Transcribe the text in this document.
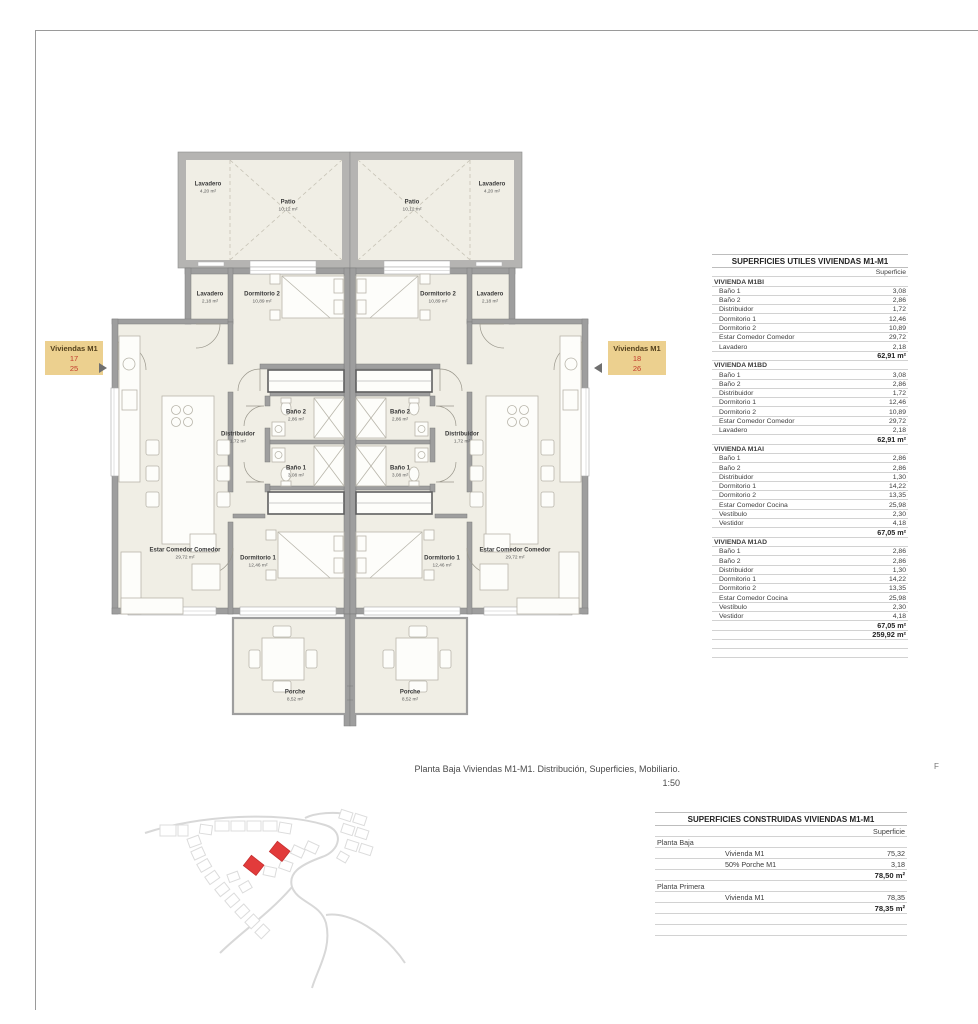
Lavadero
4,20 m²
Patio
10,12 m²
Lavadero
2,18 m²
Dormitorio 2
10,89 m²
Baño 2
2,86 m²
Baño 1
3,08 m²
Distribuidor
1,72 m²
Estar Comedor Comedor
29,72 m²	Dormitorio 1
12,46 m²
Porche
8,52 m²
Lavadero
4,20 m²
Patio
10,12 m²
Lavadero
2,18 m²
Dormitorio 2
10,89 m²
Baño 2
2,86 m²
Baño 1
3,08 m²
Distribuidor
1,72 m²
Estar Comedor Comedor
29,72 m²
Dormitorio 1
12,46 m²
Porche
8,52 m²
Viviendas M1
17
25
Viviendas M1
18
26
Planta Baja Viviendas M1-M1. Distribución, Superficies, Mobiliario.
1:50
F
SUPERFICIES UTILES VIVIENDAS M1-M1
Superficie
VIVIENDA M1BI
Baño 1	3,08
Baño 2	2,86
Distribuidor	1,72
Dormitorio 1	12,46
Dormitorio 2	10,89
Estar Comedor Comedor	29,72
Lavadero	2,18
62,91 m²
VIVIENDA M1BD
Baño 1	3,08
Baño 2	2,86
Distribuidor	1,72
Dormitorio 1	12,46
Dormitorio 2	10,89
Estar Comedor Comedor	29,72
Lavadero	2,18
62,91 m²
VIVIENDA M1AI
Baño 1	2,86
Baño 2	2,86
Distribuidor	1,30
Dormitorio 1	14,22
Dormitorio 2	13,35
Estar Comedor Cocina	25,98
Vestíbulo	2,30
Vestidor	4,18
67,05 m²
VIVIENDA M1AD
Baño 1	2,86
Baño 2	2,86
Distribuidor	1,30
Dormitorio 1	14,22
Dormitorio 2	13,35
Estar Comedor Cocina	25,98
Vestíbulo	2,30
Vestidor	4,18
67,05 m²
259,92 m²
SUPERFICIES CONSTRUIDAS VIVIENDAS M1-M1
Superficie
Planta Baja
Vivienda M1	75,32
50% Porche M1	3,18
78,50 m²
Planta Primera
Vivienda M1	78,35
78,35 m²
